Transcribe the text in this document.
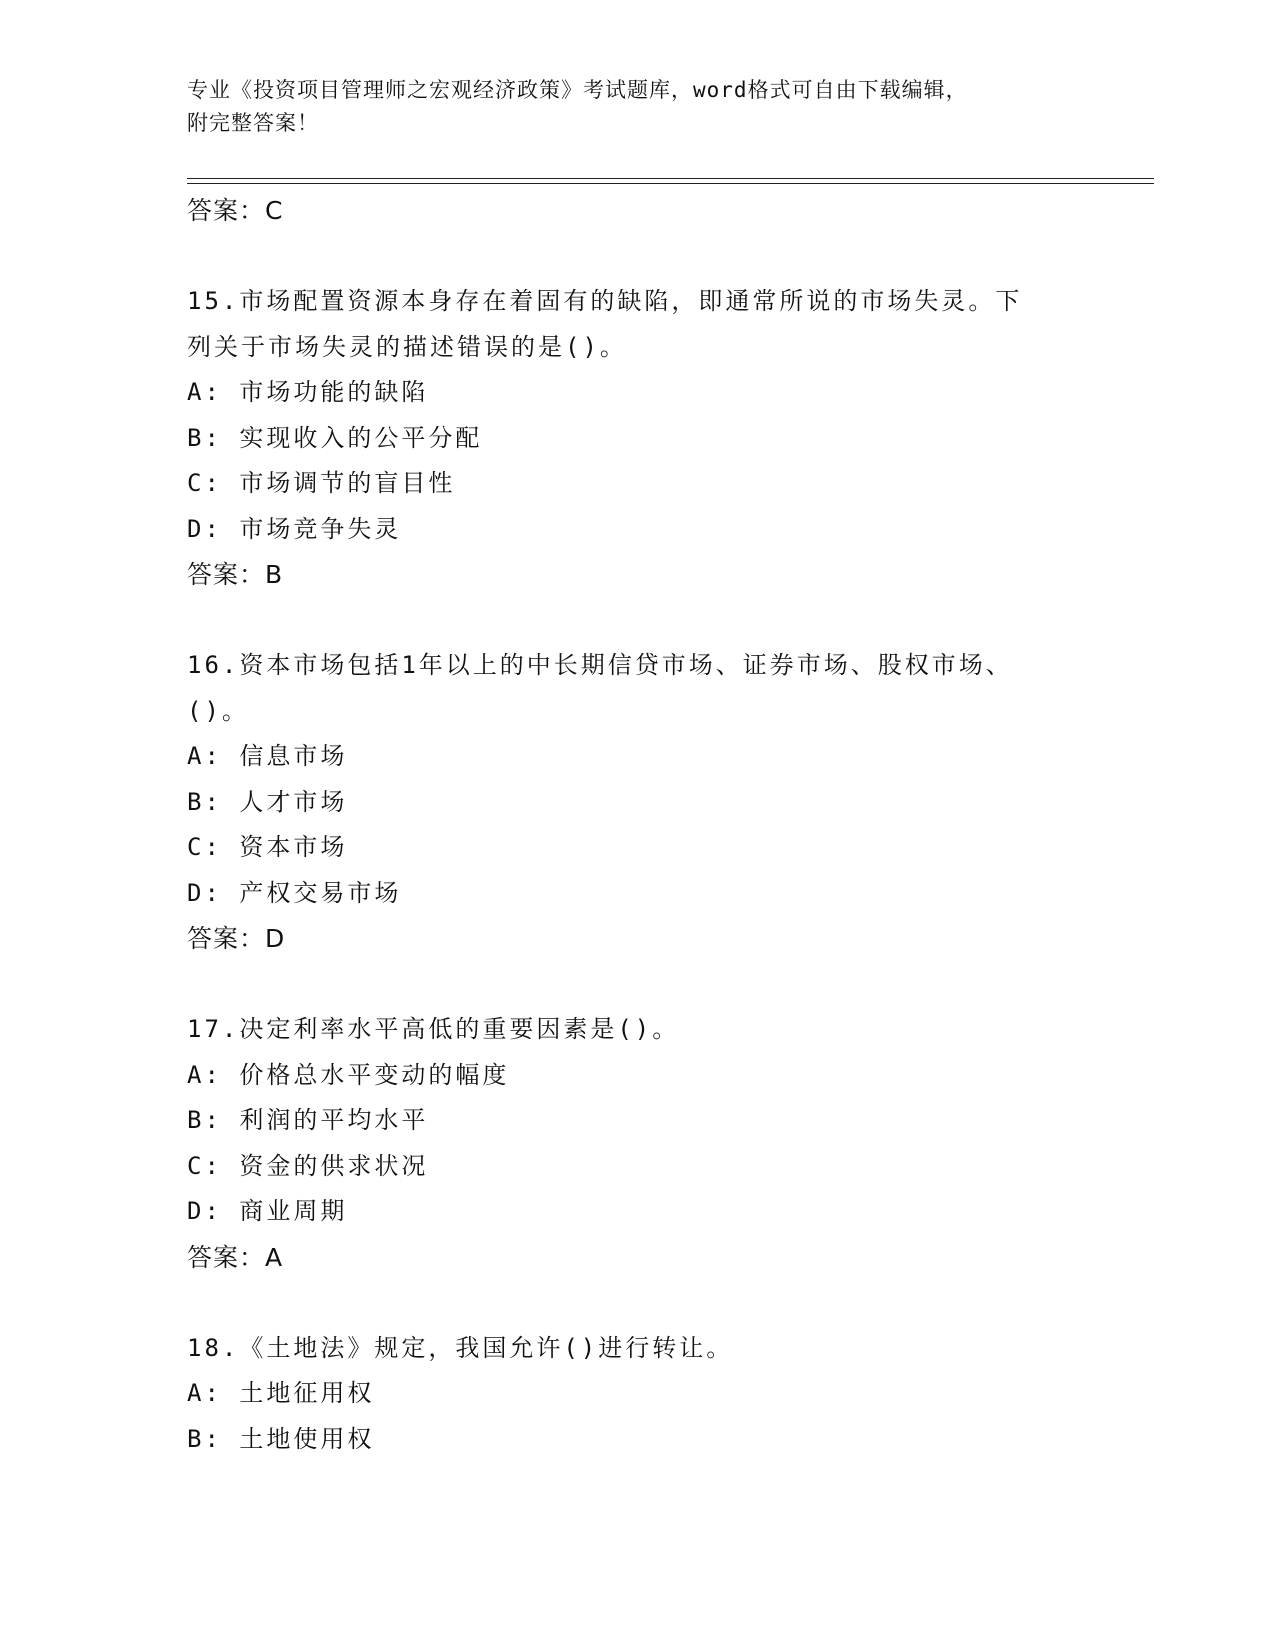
专业《投资项目管理师之宏观经济政策》考试题库，word格式可自由下载编辑，
附完整答案！
答案：C
15.市场配置资源本身存在着固有的缺陷，即通常所说的市场失灵。下
列关于市场失灵的描述错误的是()。
A: 市场功能的缺陷
B: 实现收入的公平分配
C: 市场调节的盲目性
D: 市场竞争失灵
答案：B
16.资本市场包括1年以上的中长期信贷市场、证券市场、股权市场、
()。
A: 信息市场
B: 人才市场
C: 资本市场
D: 产权交易市场
答案：D
17.决定利率水平高低的重要因素是()。
A: 价格总水平变动的幅度
B: 利润的平均水平
C: 资金的供求状况
D: 商业周期
答案：A
18.《土地法》规定，我国允许()进行转让。
A: 土地征用权
B: 土地使用权
